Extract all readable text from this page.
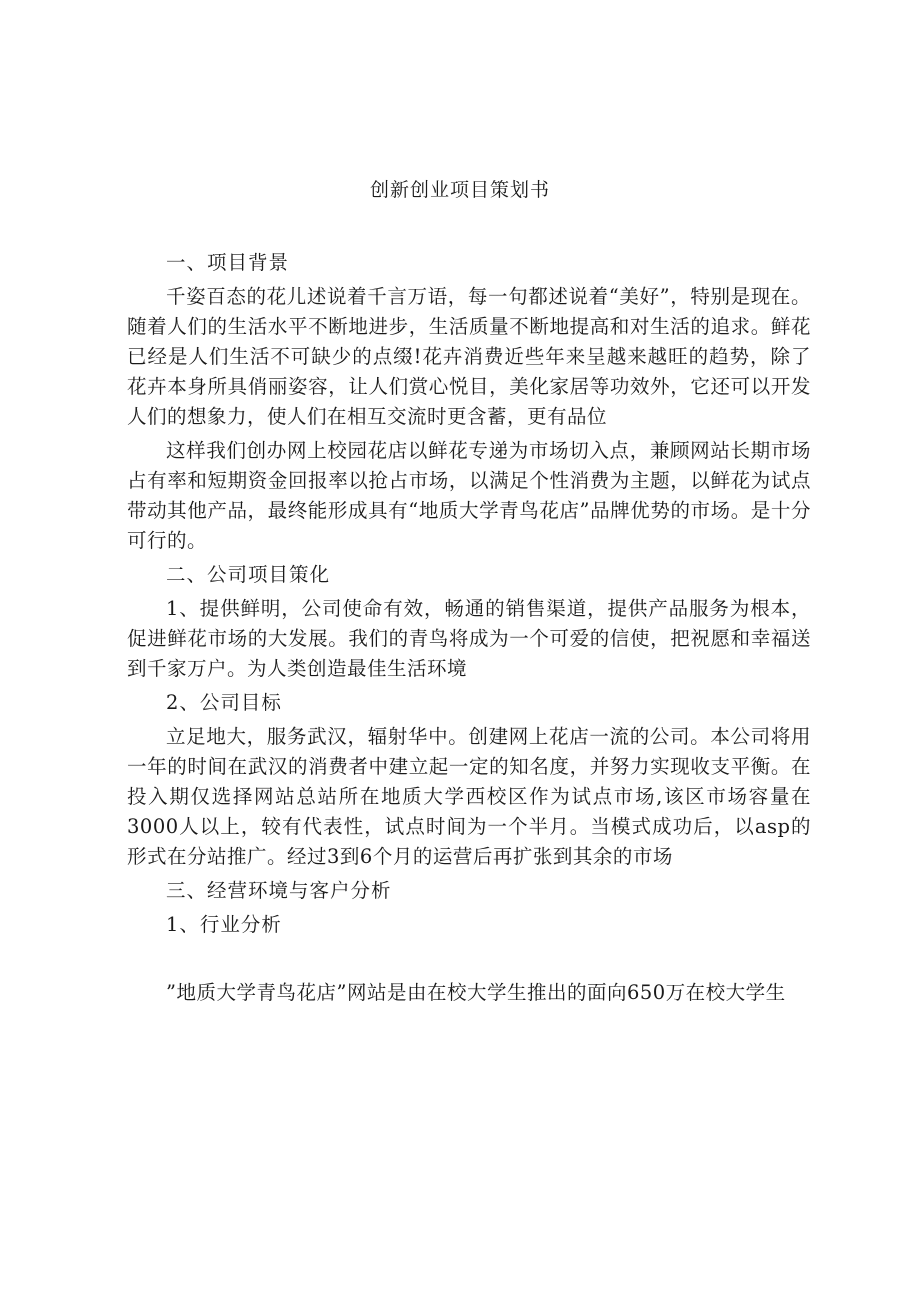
创新创业项目策划书

一、项目背景

千姿百态的花儿述说着千言万语，每一句都述说着“美好”，特别是现在。随着人们的生活水平不断地进步，生活质量不断地提高和对生活的追求。鲜花已经是人们生活不可缺少的点缀!花卉消费近些年来呈越来越旺的趋势，除了花卉本身所具俏丽姿容，让人们赏心悦目，美化家居等功效外，它还可以开发人们的想象力，使人们在相互交流时更含蓄，更有品位

这样我们创办网上校园花店以鲜花专递为市场切入点，兼顾网站长期市场占有率和短期资金回报率以抢占市场，以满足个性消费为主题，以鲜花为试点带动其他产品，最终能形成具有“地质大学青鸟花店”品牌优势的市场。是十分可行的。

二、公司项目策化

1、提供鲜明，公司使命有效，畅通的销售渠道，提供产品服务为根本，促进鲜花市场的大发展。我们的青鸟将成为一个可爱的信使，把祝愿和幸福送到千家万户。为人类创造最佳生活环境

2、公司目标

立足地大，服务武汉，辐射华中。创建网上花店一流的公司。本公司将用一年的时间在武汉的消费者中建立起一定的知名度，并努力实现收支平衡。在投入期仅选择网站总站所在地质大学西校区作为试点市场,该区市场容量在3000人以上，较有代表性，试点时间为一个半月。当模式成功后，以asp的形式在分站推广。经过3到6个月的运营后再扩张到其余的市场

三、经营环境与客户分析

1、行业分析

”地质大学青鸟花店”网站是由在校大学生推出的面向650万在校大学生
